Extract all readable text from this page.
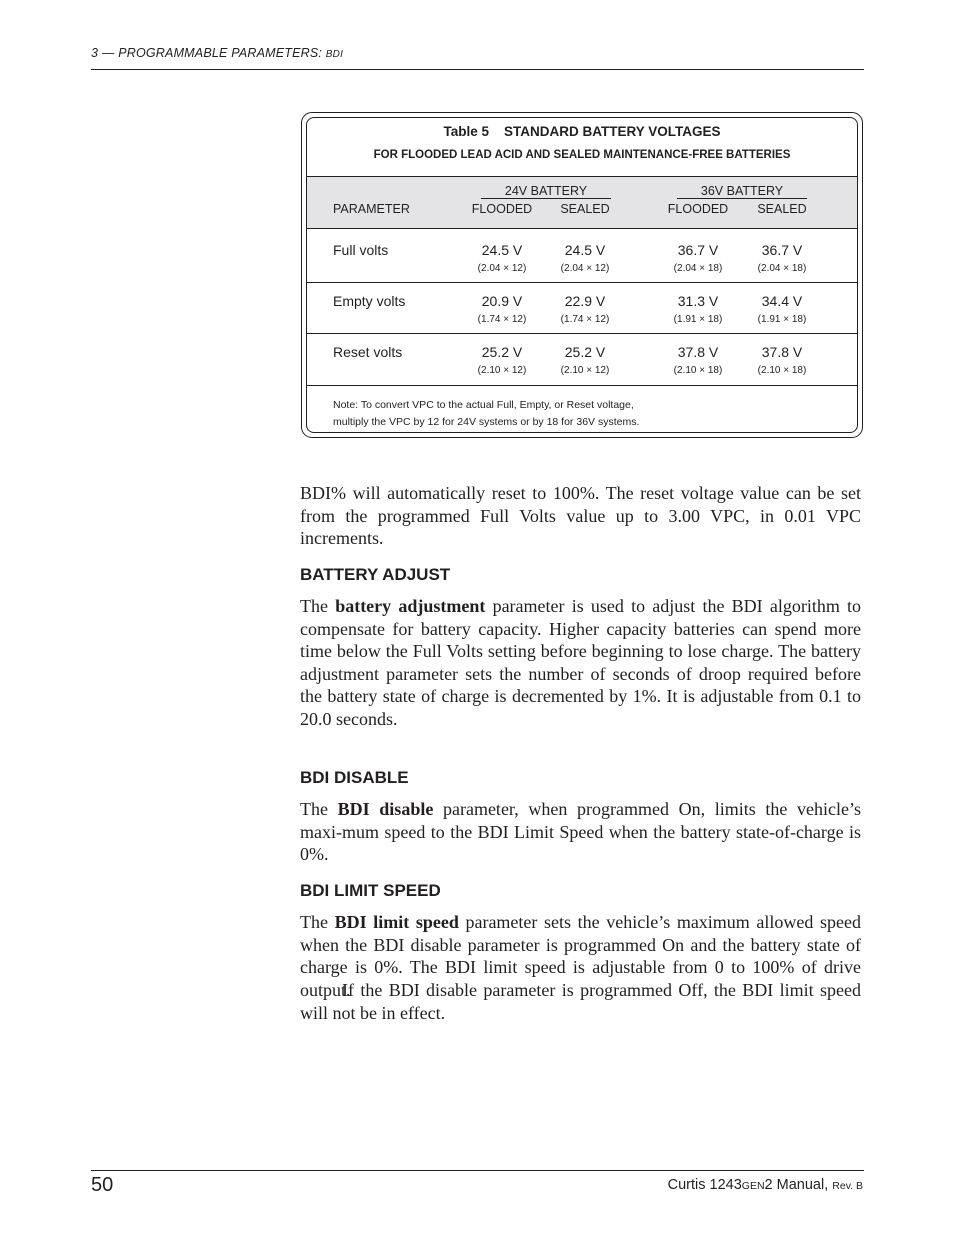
3 — PROGRAMMABLE PARAMETERS: BDI
Table 5    STANDARD BATTERY VOLTAGES
FOR FLOODED LEAD ACID AND SEALED MAINTENANCE-FREE BATTERIES
24V BATTERY	36V BATTERY
PARAMETER	FLOODED	SEALED	FLOODED	SEALED
Full volts	24.5 V	24.5 V	36.7 V	36.7 V
(2.04 × 12)	(2.04 × 12)	(2.04 × 18)	(2.04 × 18)
Empty volts	20.9 V	22.9 V	31.3 V	34.4 V
(1.74 × 12)	(1.74 × 12)	(1.91 × 18)	(1.91 × 18)
Reset volts	25.2 V	25.2 V	37.8 V	37.8 V
(2.10 × 12)	(2.10 × 12)	(2.10 × 18)	(2.10 × 18)
Note: To convert VPC to the actual Full, Empty, or Reset voltage,
multiply the VPC by 12 for 24V systems or by 18 for 36V systems.

BDI% will automatically reset to 100%. The reset voltage value can be set from the programmed Full Volts value up to 3.00 VPC, in 0.01 VPC increments.

BATTERY ADJUST

The battery adjustment parameter is used to adjust the BDI algorithm to compensate for battery capacity. Higher capacity batteries can spend more time below the Full Volts setting before beginning to lose charge. The battery adjustment parameter sets the number of seconds of droop required before the battery state of charge is decremented by 1%. It is adjustable from 0.1 to 20.0 seconds.

BDI DISABLE

The BDI disable parameter, when programmed On, limits the vehicle’s maxi-mum speed to the BDI Limit Speed when the battery state-of-charge is 0%.

BDI LIMIT SPEED

The BDI limit speed parameter sets the vehicle’s maximum allowed speed when the BDI disable parameter is programmed On and the battery state of charge is 0%. The BDI limit speed is adjustable from 0 to 100% of drive output.

If the BDI disable parameter is programmed Off, the BDI limit speed will not be in effect.

50	Curtis 1243GEN2 Manual, Rev. B
